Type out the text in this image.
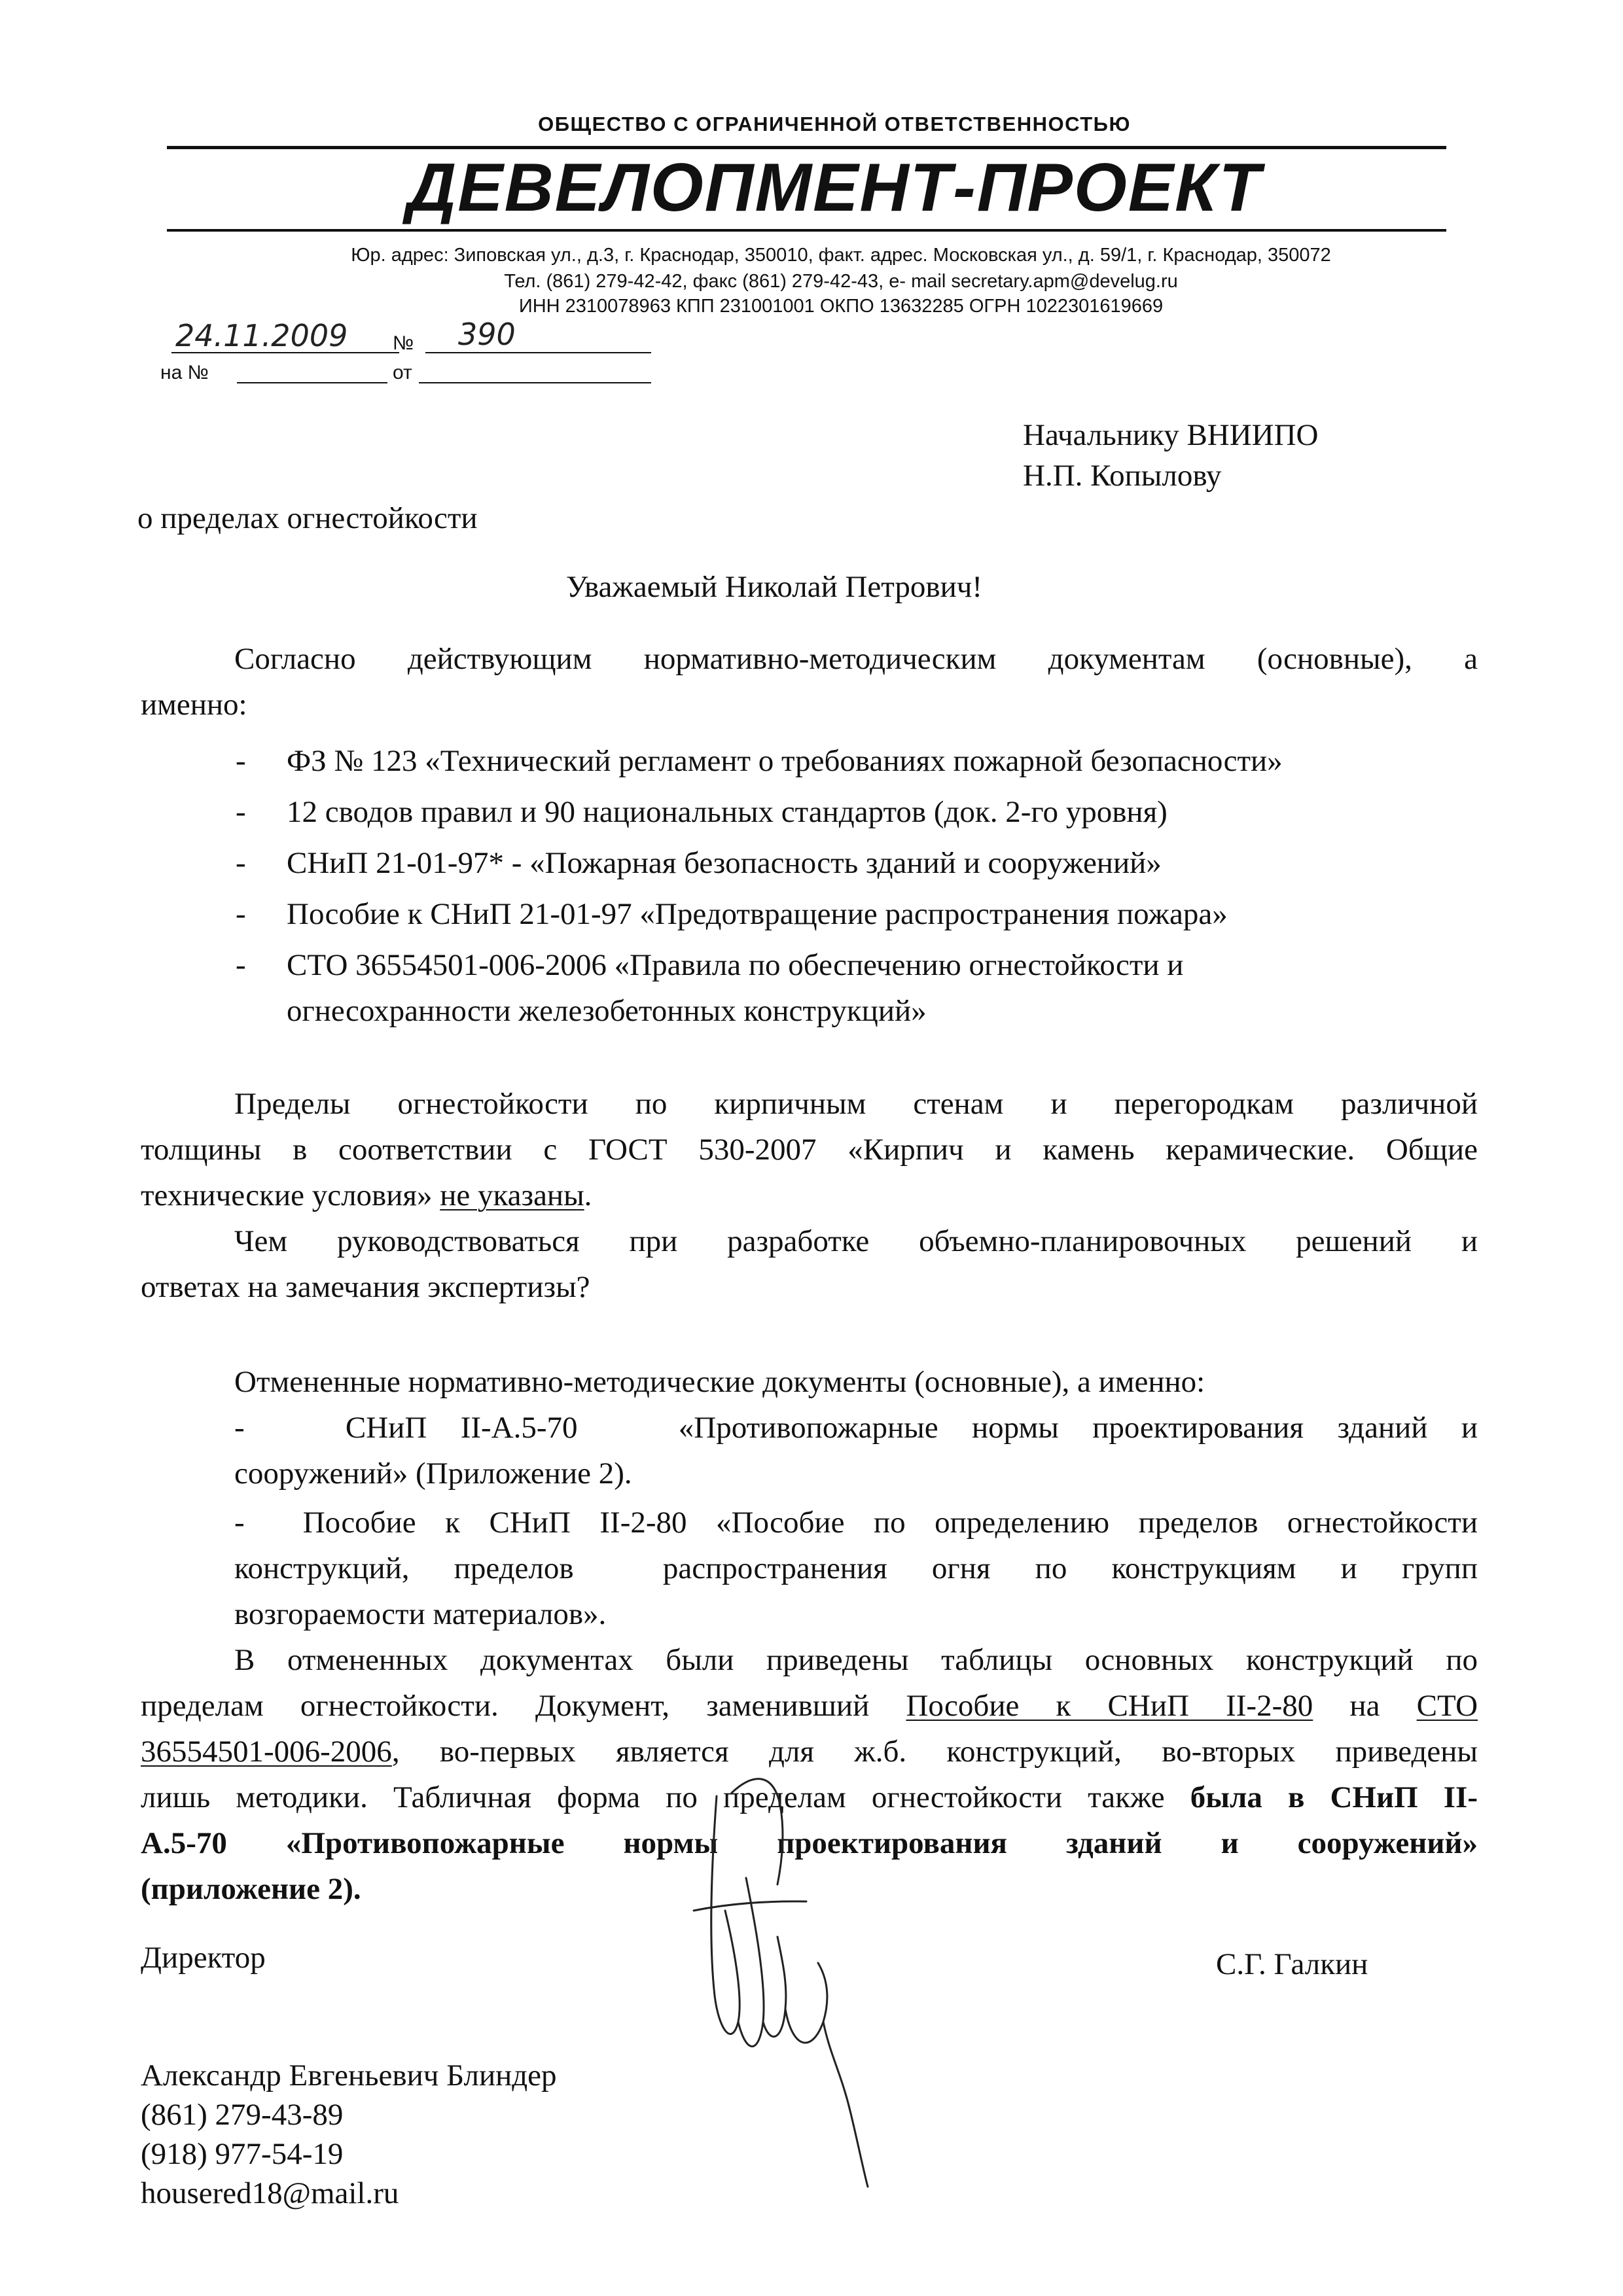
ОБЩЕСТВО С ОГРАНИЧЕННОЙ ОТВЕТСТВЕННОСТЬЮ
ДЕВЕЛОПМЕНТ-ПРОЕКТ
Юр. адрес: Зиповская ул., д.3, г. Краснодар, 350010, факт. адрес. Московская ул., д. 59/1, г. Краснодар, 350072
Тел. (861) 279-42-42, факс (861) 279-42-43, e- mail secretary.apm@develug.ru
ИНН 2310078963 КПП 231001001 ОКПО 13632285 ОГРН 1022301619669
24.11.2009 № 390
на №	от
Начальнику ВНИИПО
Н.П. Копылову
о пределах огнестойкости
Уважаемый Николай Петрович!
Согласно действующим нормативно-методическим документам (основные), а
именно:
- ФЗ № 123 «Технический регламент о требованиях пожарной безопасности»
- 12 сводов правил и 90 национальных стандартов (док. 2-го уровня)
- СНиП 21-01-97* - «Пожарная безопасность зданий и сооружений»
- Пособие к СНиП 21-01-97 «Предотвращение распространения пожара»
- СТО 36554501-006-2006 «Правила по обеспечению огнестойкости и
огнесохранности железобетонных конструкций»
Пределы огнестойкости по кирпичным стенам и перегородкам различной
толщины в соответствии с ГОСТ 530-2007 «Кирпич и камень керамические. Общие
технические условия» не указаны.
Чем руководствоваться при разработке объемно-планировочных решений и
ответах на замечания экспертизы?
Отмененные нормативно-методические документы (основные), а именно:
-   СНиП II-А.5-70   «Противопожарные нормы проектирования зданий и
сооружений» (Приложение 2).
-  Пособие к СНиП II-2-80 «Пособие по определению пределов огнестойкости
конструкций, пределов  распространения огня по конструкциям и групп
возгораемости материалов».
В отмененных документах были приведены таблицы основных конструкций по
пределам огнестойкости. Документ, заменивший Пособие к СНиП II-2-80 на СТО
36554501-006-2006, во-первых является для ж.б. конструкций, во-вторых приведены
лишь методики. Табличная форма по пределам огнестойкости также была в СНиП II-
А.5-70 «Противопожарные нормы проектирования зданий и сооружений»
(приложение 2).
Директор	С.Г. Галкин
Александр Евгеньевич Блиндер
(861) 279-43-89
(918) 977-54-19
housered18@mail.ru
